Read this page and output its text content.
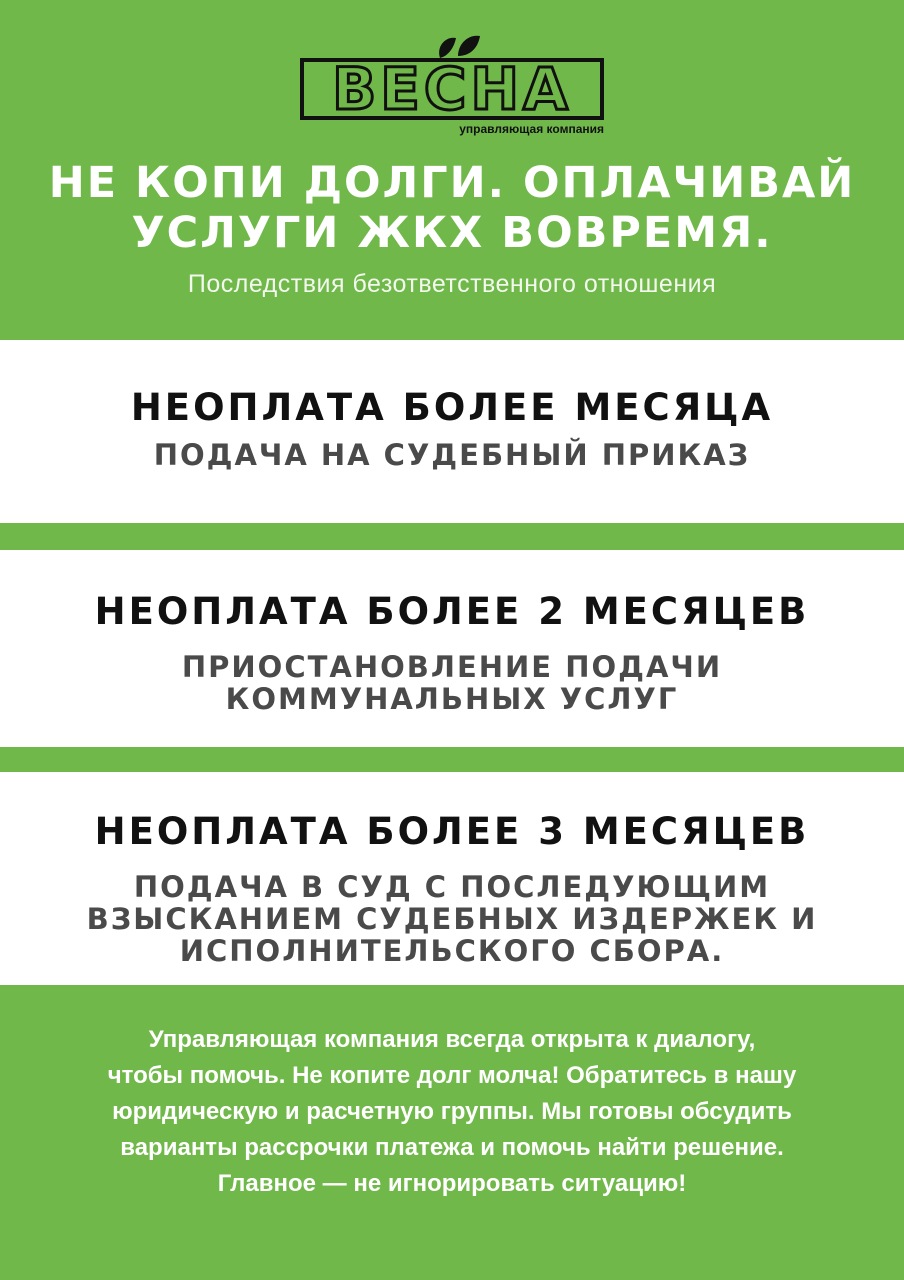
ВЕСНА
управляющая компания
НЕ КОПИ ДОЛГИ. ОПЛАЧИВАЙ
УСЛУГИ ЖКХ ВОВРЕМЯ.
Последствия безответственного отношения
НЕОПЛАТА БОЛЕЕ МЕСЯЦА
ПОДАЧА НА СУДЕБНЫЙ ПРИКАЗ
НЕОПЛАТА БОЛЕЕ 2 МЕСЯЦЕВ
ПРИОСТАНОВЛЕНИЕ ПОДАЧИ
КОММУНАЛЬНЫХ УСЛУГ
НЕОПЛАТА БОЛЕЕ 3 МЕСЯЦЕВ
ПОДАЧА В СУД С ПОСЛЕДУЮЩИМ
ВЗЫСКАНИЕМ СУДЕБНЫХ ИЗДЕРЖЕК И
ИСПОЛНИТЕЛЬСКОГО СБОРА.
Управляющая компания всегда открыта к диалогу,
чтобы помочь. Не копите долг молча! Обратитесь в нашу
юридическую и расчетную группы. Мы готовы обсудить
варианты рассрочки платежа и помочь найти решение.
Главное — не игнорировать ситуацию!
